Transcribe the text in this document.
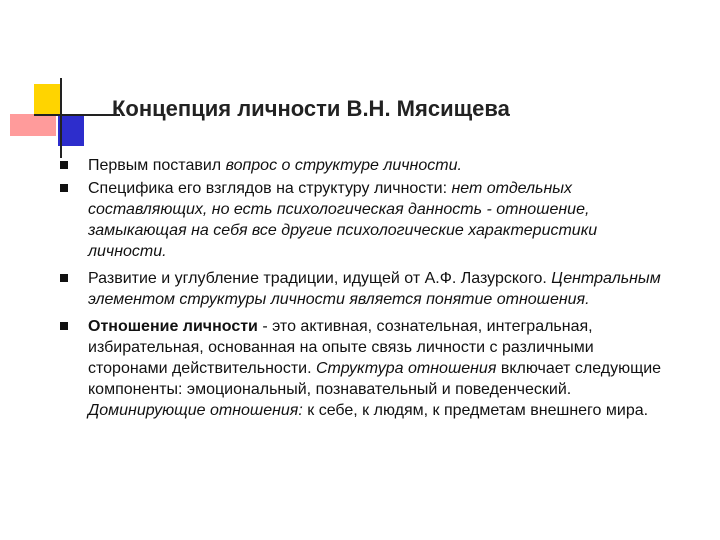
Концепция личности В.Н. Мясищева
Первым поставил вопрос о структуре личности.
Специфика его взглядов на структуру личности: нет отдельных составляющих, но есть психологическая данность - отношение, замыкающая на себя все другие психологические характеристики личности.
Развитие и углубление традиции, идущей от А.Ф. Лазурского. Центральным элементом структуры личности является понятие отношения.
Отношение личности - это активная, сознательная, интегральная, избирательная, основанная на опыте связь личности с различными сторонами действительности. Структура отношения включает следующие компоненты: эмоциональный, познавательный и поведенческий. Доминирующие отношения: к себе, к людям, к предметам внешнего мира.
